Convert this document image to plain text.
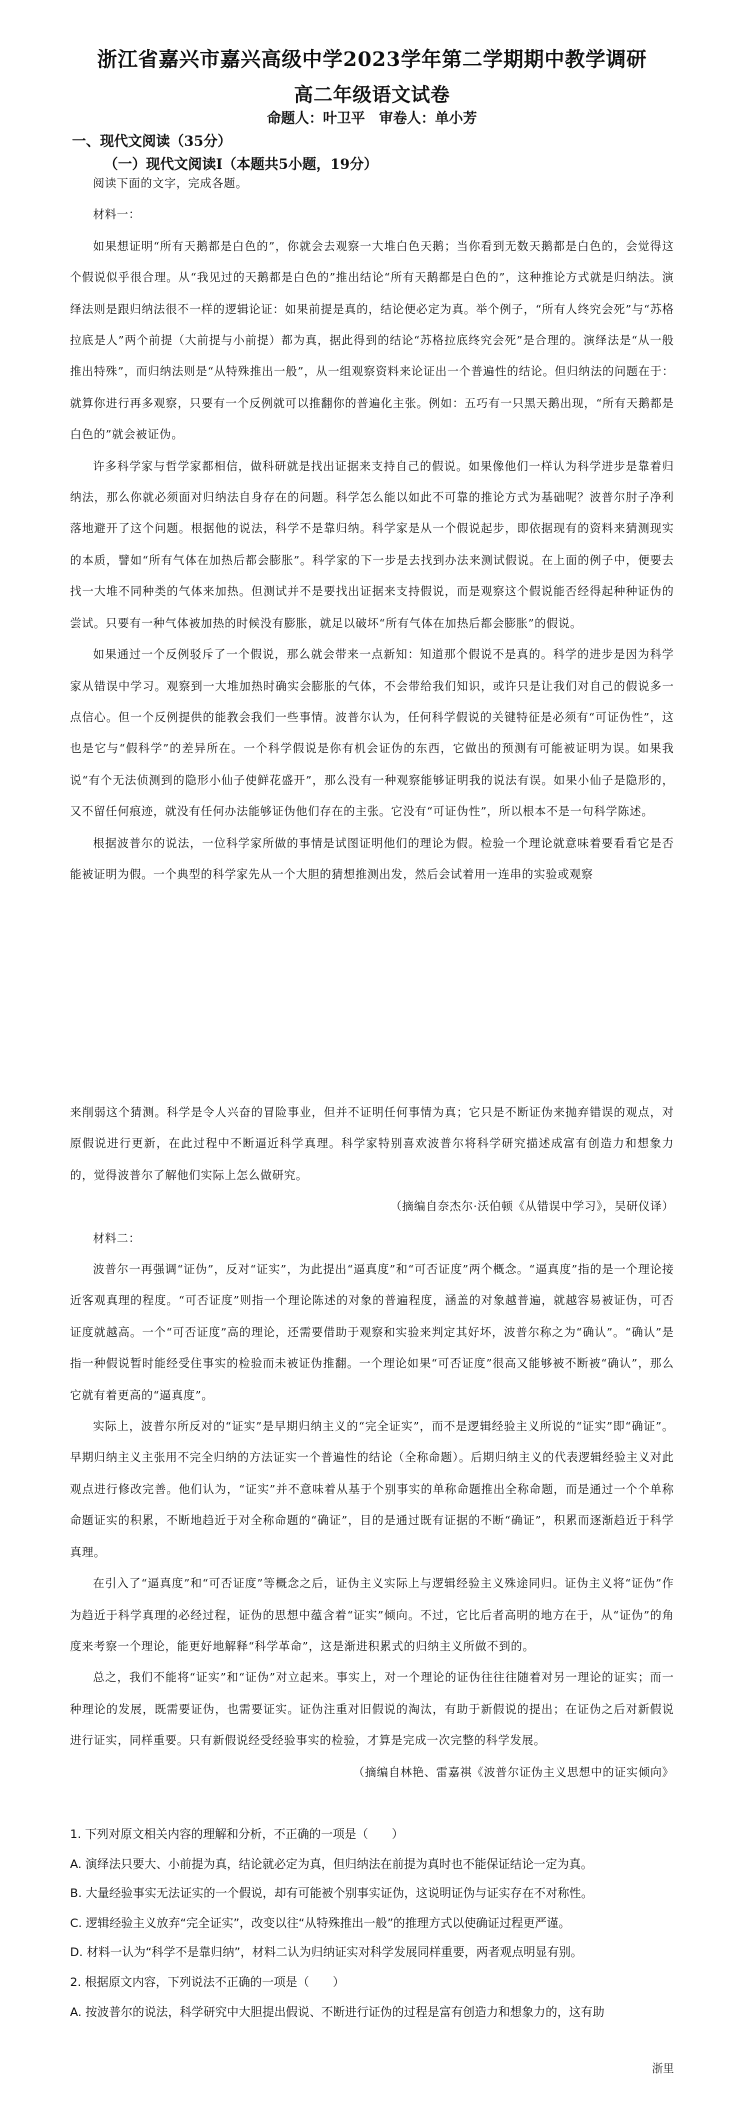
浙江省嘉兴市嘉兴高级中学2023学年第二学期期中教学调研
高二年级语文试卷
命题人：叶卫平　审卷人：单小芳
一、现代文阅读（35分）
（一）现代文阅读Ⅰ（本题共5小题，19分）

阅读下面的文字，完成各题。

材料一：

如果想证明“所有天鹅都是白色的”，你就会去观察一大堆白色天鹅；当你看到无数天鹅都是白色的，会觉得这个假说似乎很合理。从“我见过的天鹅都是白色的”推出结论“所有天鹅都是白色的”，这种推论方式就是归纳法。演绎法则是跟归纳法很不一样的逻辑论证：如果前提是真的，结论便必定为真。举个例子，“所有人终究会死”与“苏格拉底是人”两个前提（大前提与小前提）都为真，据此得到的结论“苏格拉底终究会死”是合理的。演绎法是“从一般推出特殊”，而归纳法则是“从特殊推出一般”，从一组观察资料来论证出一个普遍性的结论。但归纳法的问题在于：就算你进行再多观察，只要有一个反例就可以推翻你的普遍化主张。例如：五巧有一只黑天鹅出现，“所有天鹅都是白色的”就会被证伪。

许多科学家与哲学家都相信，做科研就是找出证据来支持自己的假说。如果像他们一样认为科学进步是靠着归纳法，那么你就必须面对归纳法自身存在的问题。科学怎么能以如此不可靠的推论方式为基础呢？波普尔肘子净利落地避开了这个问题。根据他的说法，科学不是靠归纳。科学家是从一个假说起步，即依据现有的资料来猜测现实的本质，譬如“所有气体在加热后都会膨胀”。科学家的下一步是去找到办法来测试假说。在上面的例子中，便要去找一大堆不同种类的气体来加热。但测试并不是要找出证据来支持假说，而是观察这个假说能否经得起种种证伪的尝试。只要有一种气体被加热的时候没有膨胀，就足以破坏“所有气体在加热后都会膨胀”的假说。

如果通过一个反例驳斥了一个假说，那么就会带来一点新知：知道那个假说不是真的。科学的进步是因为科学家从错误中学习。观察到一大堆加热时确实会膨胀的气体，不会带给我们知识，或许只是让我们对自己的假说多一点信心。但一个反例提供的能教会我们一些事情。波普尔认为，任何科学假说的关键特征是必须有“可证伪性”，这也是它与“假科学”的差异所在。一个科学假说是你有机会证伪的东西，它做出的预测有可能被证明为误。如果我说“有个无法侦测到的隐形小仙子使鲜花盛开”，那么没有一种观察能够证明我的说法有误。如果小仙子是隐形的，又不留任何痕迹，就没有任何办法能够证伪他们存在的主张。它没有“可证伪性”，所以根本不是一句科学陈述。

根据波普尔的说法，一位科学家所做的事情是试图证明他们的理论为假。检验一个理论就意味着要看看它是否能被证明为假。一个典型的科学家先从一个大胆的猜想推测出发，然后会试着用一连串的实验或观察

来削弱这个猜测。科学是令人兴奋的冒险事业，但并不证明任何事情为真；它只是不断证伪来抛弃错误的观点，对原假说进行更新，在此过程中不断逼近科学真理。科学家特别喜欢波普尔将科学研究描述成富有创造力和想象力的，觉得波普尔了解他们实际上怎么做研究。

（摘编自奈杰尔·沃伯顿《从错误中学习》，吴研仪译）

材料二：

波普尔一再强调“证伪”，反对“证实”，为此提出“逼真度”和“可否证度”两个概念。“逼真度”指的是一个理论接近客观真理的程度。“可否证度”则指一个理论陈述的对象的普遍程度，涵盖的对象越普遍，就越容易被证伪，可否证度就越高。一个“可否证度”高的理论，还需要借助于观察和实验来判定其好坏，波普尔称之为“确认”。“确认”是指一种假说暂时能经受住事实的检验而未被证伪推翻。一个理论如果“可否证度”很高又能够被不断被“确认”，那么它就有着更高的“逼真度”。

实际上，波普尔所反对的“证实”是早期归纳主义的“完全证实”，而不是逻辑经验主义所说的“证实”即“确证”。早期归纳主义主张用不完全归纳的方法证实一个普遍性的结论（全称命题）。后期归纳主义的代表逻辑经验主义对此观点进行修改完善。他们认为，“证实”并不意味着从基于个别事实的单称命题推出全称命题，而是通过一个个单称命题证实的积累，不断地趋近于对全称命题的“确证”，目的是通过既有证据的不断“确证”，积累而逐渐趋近于科学真理。

在引入了“逼真度”和“可否证度”等概念之后，证伪主义实际上与逻辑经验主义殊途同归。证伪主义将“证伪”作为趋近于科学真理的必经过程，证伪的思想中蕴含着“证实”倾向。不过，它比后者高明的地方在于，从“证伪”的角度来考察一个理论，能更好地解释“科学革命”，这是渐进积累式的归纳主义所做不到的。

总之，我们不能将“证实”和“证伪”对立起来。事实上，对一个理论的证伪往往往随着对另一理论的证实；而一种理论的发展，既需要证伪，也需要证实。证伪注重对旧假说的淘汰，有助于新假说的提出；在证伪之后对新假说进行证实，同样重要。只有新假说经受经验事实的检验，才算是完成一次完整的科学发展。

（摘编自林艳、雷嘉祺《波普尔证伪主义思想中的证实倾向》

1. 下列对原文相关内容的理解和分析，不正确的一项是（　　）
A. 演绎法只要大、小前提为真，结论就必定为真，但归纳法在前提为真时也不能保证结论一定为真。
B. 大量经验事实无法证实的一个假说，却有可能被个别事实证伪，这说明证伪与证实存在不对称性。
C. 逻辑经验主义放弃“完全证实”，改变以往“从特殊推出一般”的推理方式以使确证过程更严谨。
D. 材料一认为“科学不是靠归纳”，材料二认为归纳证实对科学发展同样重要，两者观点明显有别。
2. 根据原文内容，下列说法不正确的一项是（　　）
A. 按波普尔的说法，科学研究中大胆提出假说、不断进行证伪的过程是富有创造力和想象力的，这有助
浙里
